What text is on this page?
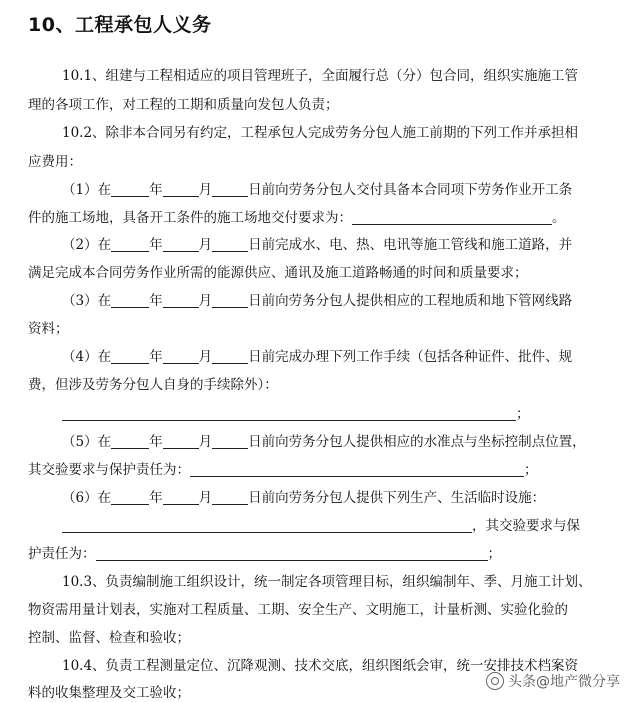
10、工程承包人义务
10.1、组建与工程相适应的项目管理班子，全面履行总（分）包合同，组织实施施工管
理的各项工作，对工程的工期和质量向发包人负责；
10.2、除非本合同另有约定，工程承包人完成劳务分包人施工前期的下列工作并承担相
应费用：
（1）在	年	月	日前向劳务分包人交付具备本合同项下劳务作业开工条
件的施工场地，具备开工条件的施工场地交付要求为：	。
（2）在	年	月	日前完成水、电、热、电讯等施工管线和施工道路，并
满足完成本合同劳务作业所需的能源供应、通讯及施工道路畅通的时间和质量要求；
（3）在	年	月	日前向劳务分包人提供相应的工程地质和地下管网线路
资料；
（4）在	年	月	日前完成办理下列工作手续（包括各种证件、批件、规
费，但涉及劳务分包人自身的手续除外）：
；
（5）在	年	月	日前向劳务分包人提供相应的水准点与坐标控制点位置，
其交验要求与保护责任为：	；
（6）在	年	月	日前向劳务分包人提供下列生产、生活临时设施：
，其交验要求与保
护责任为：	；
10.3、负责编制施工组织设计，统一制定各项管理目标，组织编制年、季、月施工计划、
物资需用量计划表，实施对工程质量、工期、安全生产、文明施工，计量析测、实验化验的
控制、监督、检查和验收；
10.4、负责工程测量定位、沉降观测、技术交底，组织图纸会审，统一安排技术档案资
料的收集整理及交工验收；
头条@地产微分享
